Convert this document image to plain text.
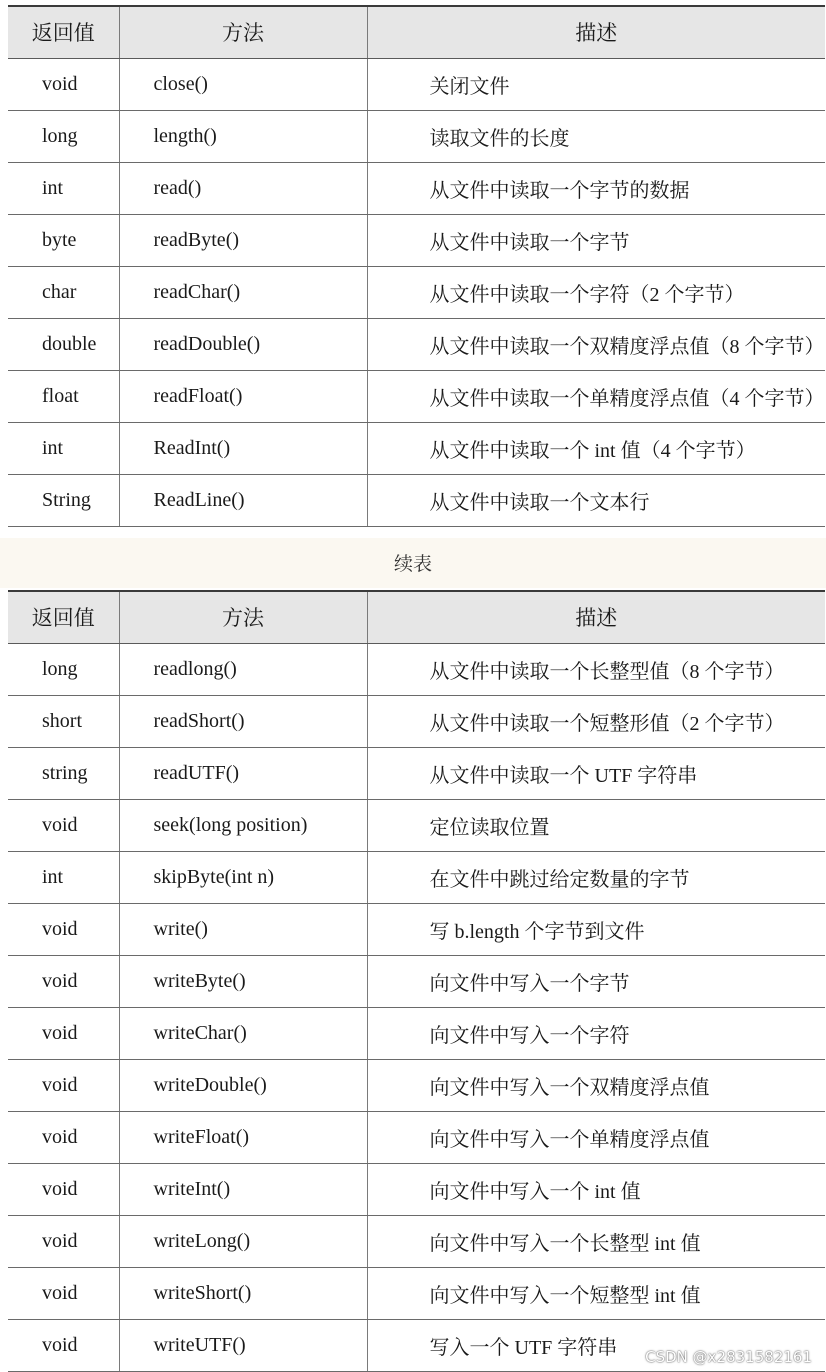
返回值	方法	描述
void	close()	关闭文件
long	length()	读取文件的长度
int	read()	从文件中读取一个字节的数据
byte	readByte()	从文件中读取一个字节
char	readChar()	从文件中读取一个字符（2 个字节）
double	readDouble()	从文件中读取一个双精度浮点值（8 个字节）
float	readFloat()	从文件中读取一个单精度浮点值（4 个字节）
int	ReadInt()	从文件中读取一个 int 值（4 个字节）
String	ReadLine()	从文件中读取一个文本行
续表
返回值	方法	描述
long	readlong()	从文件中读取一个长整型值（8 个字节）
short	readShort()	从文件中读取一个短整形值（2 个字节）
string	readUTF()	从文件中读取一个 UTF 字符串
void	seek(long position)	定位读取位置
int	skipByte(int n)	在文件中跳过给定数量的字节
void	write()	写 b.length 个字节到文件
void	writeByte()	向文件中写入一个字节
void	writeChar()	向文件中写入一个字符
void	writeDouble()	向文件中写入一个双精度浮点值
void	writeFloat()	向文件中写入一个单精度浮点值
void	writeInt()	向文件中写入一个 int 值
void	writeLong()	向文件中写入一个长整型 int 值
void	writeShort()	向文件中写入一个短整型 int 值
void	writeUTF()	写入一个 UTF 字符串 CSDN @x2831582161
